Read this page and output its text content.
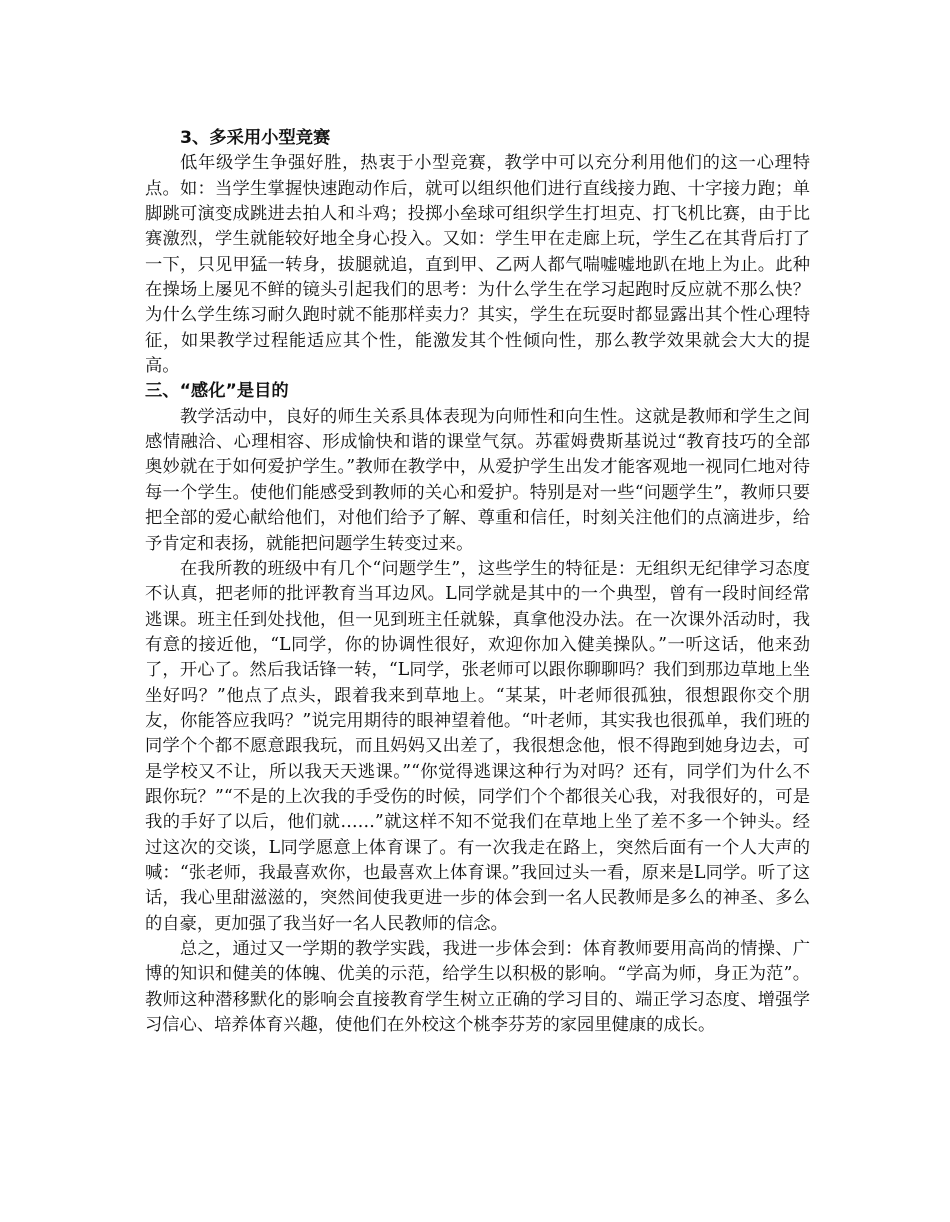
3、多采用小型竞赛

低年级学生争强好胜，热衷于小型竞赛，教学中可以充分利用他们的这一心理特点。如：当学生掌握快速跑动作后，就可以组织他们进行直线接力跑、十字接力跑；单脚跳可演变成跳进去拍人和斗鸡；投掷小垒球可组织学生打坦克、打飞机比赛，由于比赛激烈，学生就能较好地全身心投入。又如：学生甲在走廊上玩，学生乙在其背后打了一下，只见甲猛一转身，拔腿就追，直到甲、乙两人都气喘嘘嘘地趴在地上为止。此种在操场上屡见不鲜的镜头引起我们的思考：为什么学生在学习起跑时反应就不那么快？为什么学生练习耐久跑时就不能那样卖力？其实，学生在玩耍时都显露出其个性心理特征，如果教学过程能适应其个性，能激发其个性倾向性，那么教学效果就会大大的提高。

三、“感化”是目的

教学活动中，良好的师生关系具体表现为向师性和向生性。这就是教师和学生之间感情融洽、心理相容、形成愉快和谐的课堂气氛。苏霍姆费斯基说过“教育技巧的全部奥妙就在于如何爱护学生。”教师在教学中，从爱护学生出发才能客观地一视同仁地对待每一个学生。使他们能感受到教师的关心和爱护。特别是对一些“问题学生”，教师只要把全部的爱心献给他们，对他们给予了解、尊重和信任，时刻关注他们的点滴进步，给予肯定和表扬，就能把问题学生转变过来。

在我所教的班级中有几个“问题学生”，这些学生的特征是：无组织无纪律学习态度不认真，把老师的批评教育当耳边风。L同学就是其中的一个典型，曾有一段时间经常逃课。班主任到处找他，但一见到班主任就躲，真拿他没办法。在一次课外活动时，我有意的接近他，“L同学，你的协调性很好，欢迎你加入健美操队。”一听这话，他来劲了，开心了。然后我话锋一转，“L同学，张老师可以跟你聊聊吗？我们到那边草地上坐坐好吗？”他点了点头，跟着我来到草地上。“某某，叶老师很孤独，很想跟你交个朋友，你能答应我吗？”说完用期待的眼神望着他。“叶老师，其实我也很孤单，我们班的同学个个都不愿意跟我玩，而且妈妈又出差了，我很想念他，恨不得跑到她身边去，可是学校又不让，所以我天天逃课。”“你觉得逃课这种行为对吗？还有，同学们为什么不跟你玩？”“不是的上次我的手受伤的时候，同学们个个都很关心我，对我很好的，可是我的手好了以后，他们就……”就这样不知不觉我们在草地上坐了差不多一个钟头。经过这次的交谈，L同学愿意上体育课了。有一次我走在路上，突然后面有一个人大声的喊：“张老师，我最喜欢你，也最喜欢上体育课。”我回过头一看，原来是L同学。听了这话，我心里甜滋滋的，突然间使我更进一步的体会到一名人民教师是多么的神圣、多么的自豪，更加强了我当好一名人民教师的信念。

总之，通过又一学期的教学实践，我进一步体会到：体育教师要用高尚的情操、广博的知识和健美的体魄、优美的示范，给学生以积极的影响。“学高为师，身正为范”。教师这种潜移默化的影响会直接教育学生树立正确的学习目的、端正学习态度、增强学习信心、培养体育兴趣，使他们在外校这个桃李芬芳的家园里健康的成长。
